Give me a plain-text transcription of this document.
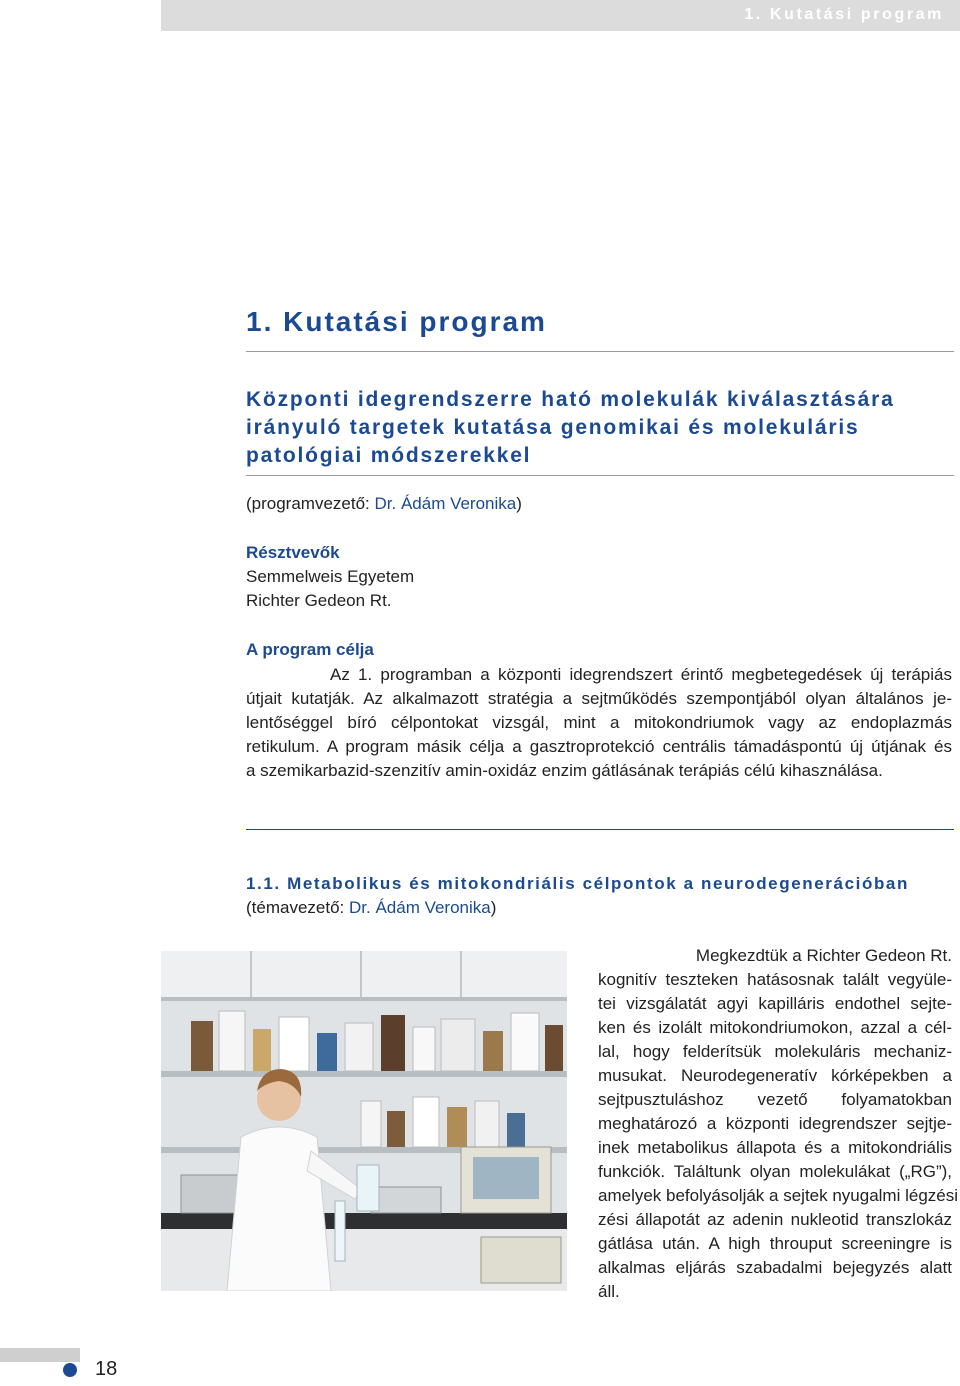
1. Kutatási program
1. Kutatási program
Központi idegrendszerre ható molekulák kiválasztására
irányuló targetek kutatása genomikai és molekuláris
patológiai módszerekkel
(programvezető: Dr. Ádám Veronika)
Résztvevők
Semmelweis Egyetem
Richter Gedeon Rt.
A program célja
Az 1. programban a központi idegrendszert érintő megbetegedések új terápiás
útjait kutatják. Az alkalmazott stratégia a sejtműködés szempontjából olyan általános je-
lentőséggel bíró célpontokat vizsgál, mint a mitokondriumok vagy az endoplazmás
retikulum. A program másik célja a gasztroprotekció centrális támadáspontú új útjának és
a szemikarbazid-szenzitív amin-oxidáz enzim gátlásának terápiás célú kihasználása.
1.1. Metabolikus és mitokondriális célpontok a neurodegenerációban
(témavezető: Dr. Ádám Veronika)
Megkezdtük a Richter Gedeon Rt.
kognitív teszteken hatásosnak talált vegyüle-
tei vizsgálatát agyi kapilláris endothel sejte-
ken és izolált mitokondriumokon, azzal a cél-
lal, hogy felderítsük molekuláris mechaniz-
musukat. Neurodegeneratív kórképekben a
sejtpusztuláshoz vezető folyamatokban
meghatározó a központi idegrendszer sejtje-
inek metabolikus állapota és a mitokondriális
funkciók. Találtunk olyan molekulákat („RG”),
amelyek befolyásolják a sejtek nyugalmi légzési
zési állapotát az adenin nukleotid transzlokáz
gátlása után. A high throuput screeningre is
alkalmas eljárás szabadalmi bejegyzés alatt
áll.
18
